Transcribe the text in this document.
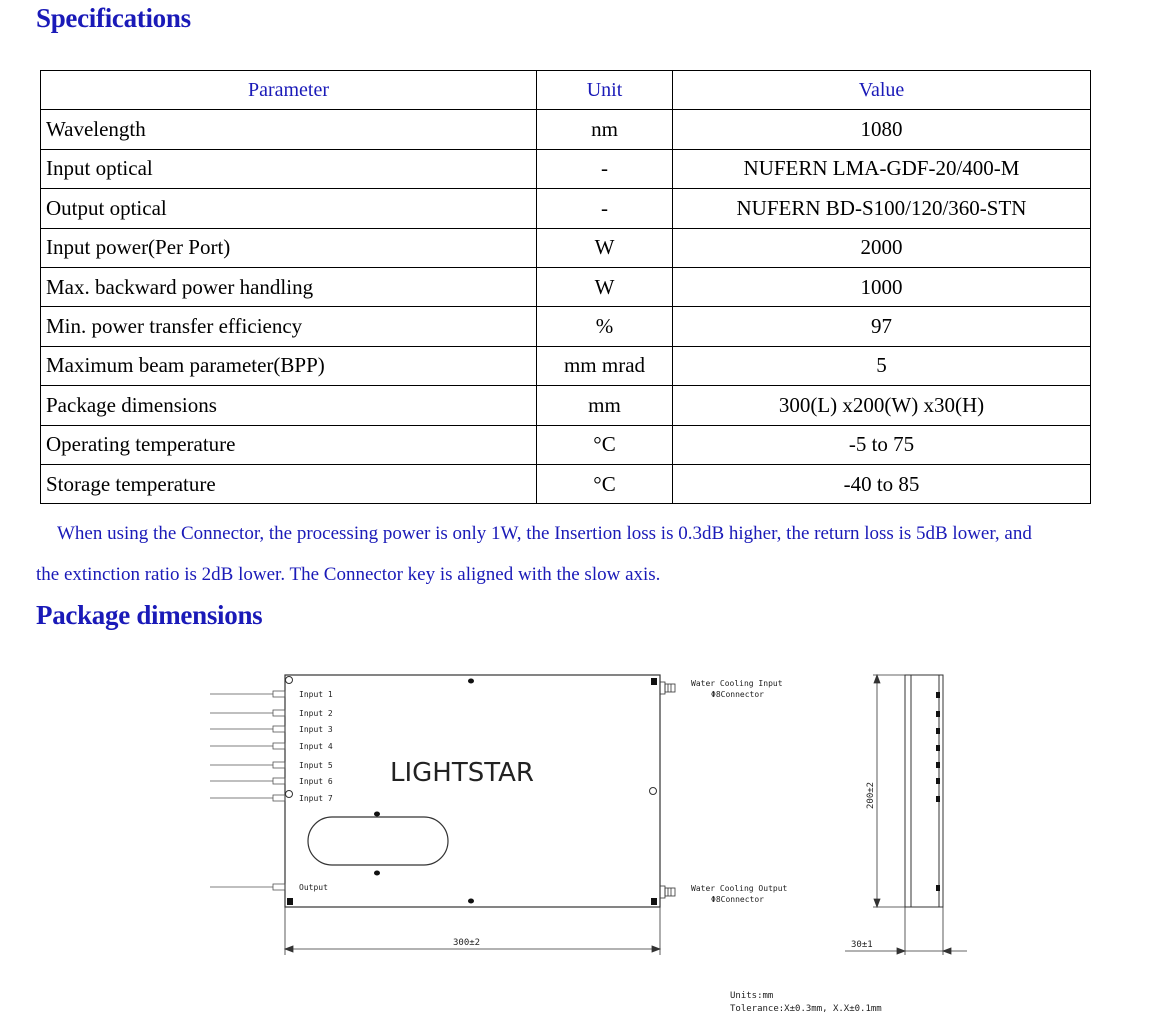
Specifications
Parameter	Unit	Value
Wavelength	nm	1080
Input optical	-	NUFERN LMA-GDF-20/400-M
Output optical	-	NUFERN BD-S100/120/360-STN
Input power(Per Port)	W	2000
Max. backward power handling	W	1000
Min. power transfer efficiency	%	97
Maximum beam parameter(BPP)	mm mrad	5
Package dimensions	mm	300(L) x200(W) x30(H)
Operating temperature	°C	-5 to 75
Storage temperature	°C	-40 to 85
When using the Connector, the processing power is only 1W, the Insertion loss is 0.3dB higher, the return loss is 5dB lower, and
the extinction ratio is 2dB lower. The Connector key is aligned with the slow axis.
Package dimensions
Input 1
Input 2
Input 3
Input 4
Input 5
Input 6
Input 7
Output
LIGHTSTAR
Water Cooling Input
Φ8Connector
Water Cooling Output
Φ8Connector
300±2
200±2
30±1
Units:mm
Tolerance:X±0.3mm, X.X±0.1mm
